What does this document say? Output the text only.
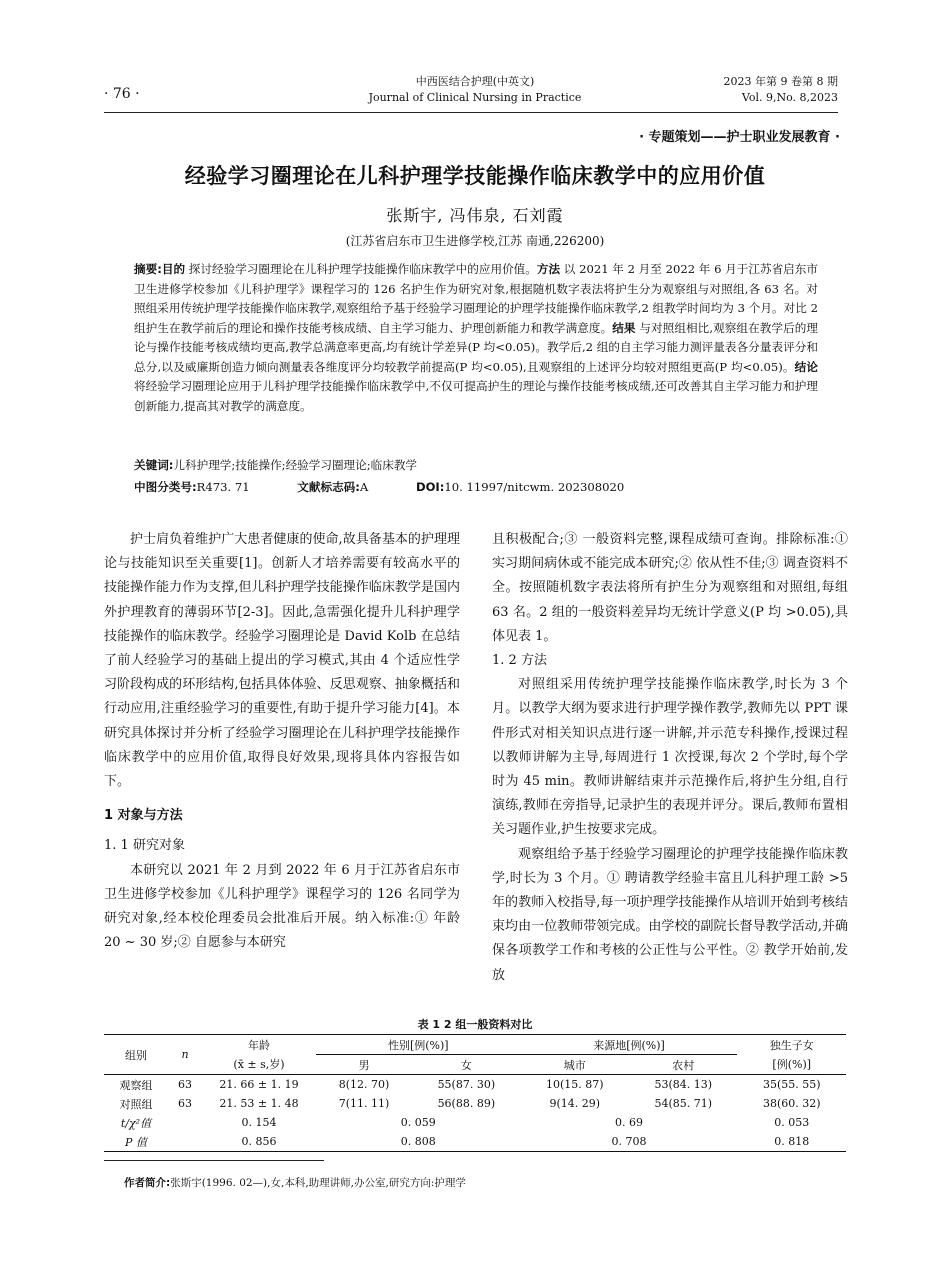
· 76 ·
中西医结合护理(中英文)
Journal of Clinical Nursing in Practice
2023 年第 9 卷第 8 期
Vol. 9,No. 8,2023
· 专题策划——护士职业发展教育 ·
经验学习圈理论在儿科护理学技能操作临床教学中的应用价值
张斯宇, 冯伟泉, 石刘霞
(江苏省启东市卫生进修学校,江苏 南通,226200)
摘要:目的 探讨经验学习圈理论在儿科护理学技能操作临床教学中的应用价值。方法 以 2021 年 2 月至 2022 年 6 月于江苏省启东市卫生进修学校参加《儿科护理学》课程学习的 126 名护生作为研究对象,根据随机数字表法将护生分为观察组与对照组,各 63 名。对照组采用传统护理学技能操作临床教学,观察组给予基于经验学习圈理论的护理学技能操作临床教学,2 组教学时间均为 3 个月。对比 2 组护生在教学前后的理论和操作技能考核成绩、自主学习能力、护理创新能力和教学满意度。结果 与对照组相比,观察组在教学后的理论与操作技能考核成绩均更高,教学总满意率更高,均有统计学差异(P 均<0.05)。教学后,2 组的自主学习能力测评量表各分量表评分和总分,以及威廉斯创造力倾向测量表各维度评分均较教学前提高(P 均<0.05),且观察组的上述评分均较对照组更高(P 均<0.05)。结论 将经验学习圈理论应用于儿科护理学技能操作临床教学中,不仅可提高护生的理论与操作技能考核成绩,还可改善其自主学习能力和护理创新能力,提高其对教学的满意度。
关键词:儿科护理学;技能操作;经验学习圈理论;临床教学
中图分类号:R473. 71	文献标志码:A	DOI:10. 11997/nitcwm. 202308020

护士肩负着维护广大患者健康的使命,故具备基本的护理理论与技能知识至关重要[1]。创新人才培养需要有较高水平的技能操作能力作为支撑,但儿科护理学技能操作临床教学是国内外护理教育的薄弱环节[2-3]。因此,急需强化提升儿科护理学技能操作的临床教学。经验学习圈理论是 David Kolb 在总结了前人经验学习的基础上提出的学习模式,其由 4 个适应性学习阶段构成的环形结构,包括具体体验、反思观察、抽象概括和行动应用,注重经验学习的重要性,有助于提升学习能力[4]。本研究具体探讨并分析了经验学习圈理论在儿科护理学技能操作临床教学中的应用价值,取得良好效果,现将具体内容报告如下。

1 对象与方法

1. 1 研究对象

本研究以 2021 年 2 月到 2022 年 6 月于江苏省启东市卫生进修学校参加《儿科护理学》课程学习的 126 名同学为研究对象,经本校伦理委员会批准后开展。纳入标准:① 年龄 20 ~ 30 岁;② 自愿参与本研究

且积极配合;③ 一般资料完整,课程成绩可查询。排除标准:① 实习期间病休或不能完成本研究;② 依从性不佳;③ 调查资料不全。按照随机数字表法将所有护生分为观察组和对照组,每组 63 名。2 组的一般资料差异均无统计学意义(P 均 >0.05),具体见表 1。

1. 2 方法

对照组采用传统护理学技能操作临床教学,时长为 3 个月。以教学大纲为要求进行护理学操作教学,教师先以 PPT 课件形式对相关知识点进行逐一讲解,并示范专科操作,授课过程以教师讲解为主导,每周进行 1 次授课,每次 2 个学时,每个学时为 45 min。教师讲解结束并示范操作后,将护生分组,自行演练,教师在旁指导,记录护生的表现并评分。课后,教师布置相关习题作业,护生按要求完成。

观察组给予基于经验学习圈理论的护理学技能操作临床教学,时长为 3 个月。① 聘请教学经验丰富且儿科护理工龄 >5 年的教师入校指导,每一项护理学技能操作从培训开始到考核结束均由一位教师带领完成。由学校的副院长督导教学活动,并确保各项教学工作和考核的公正性与公平性。② 教学开始前,发放

表 1 2 组一般资料对比
组别	n	年龄	性别[例(%)]		来源地[例(%)]		独生子女
		(x̄ ± s,岁)	男	女	城市	农村	[例(%)]
观察组	63	21. 66 ± 1. 19	8(12. 70)	55(87. 30)	10(15. 87)	53(84. 13)	35(55. 55)
对照组	63	21. 53 ± 1. 48	7(11. 11)	56(88. 89)	9(14. 29)	54(85. 71)	38(60. 32)
t/χ²值		0. 154	0. 059		0. 69		0. 053
P 值		0. 856	0. 808		0. 708		0. 818
作者简介:张斯宇(1996. 02—),女,本科,助理讲师,办公室,研究方向:护理学
